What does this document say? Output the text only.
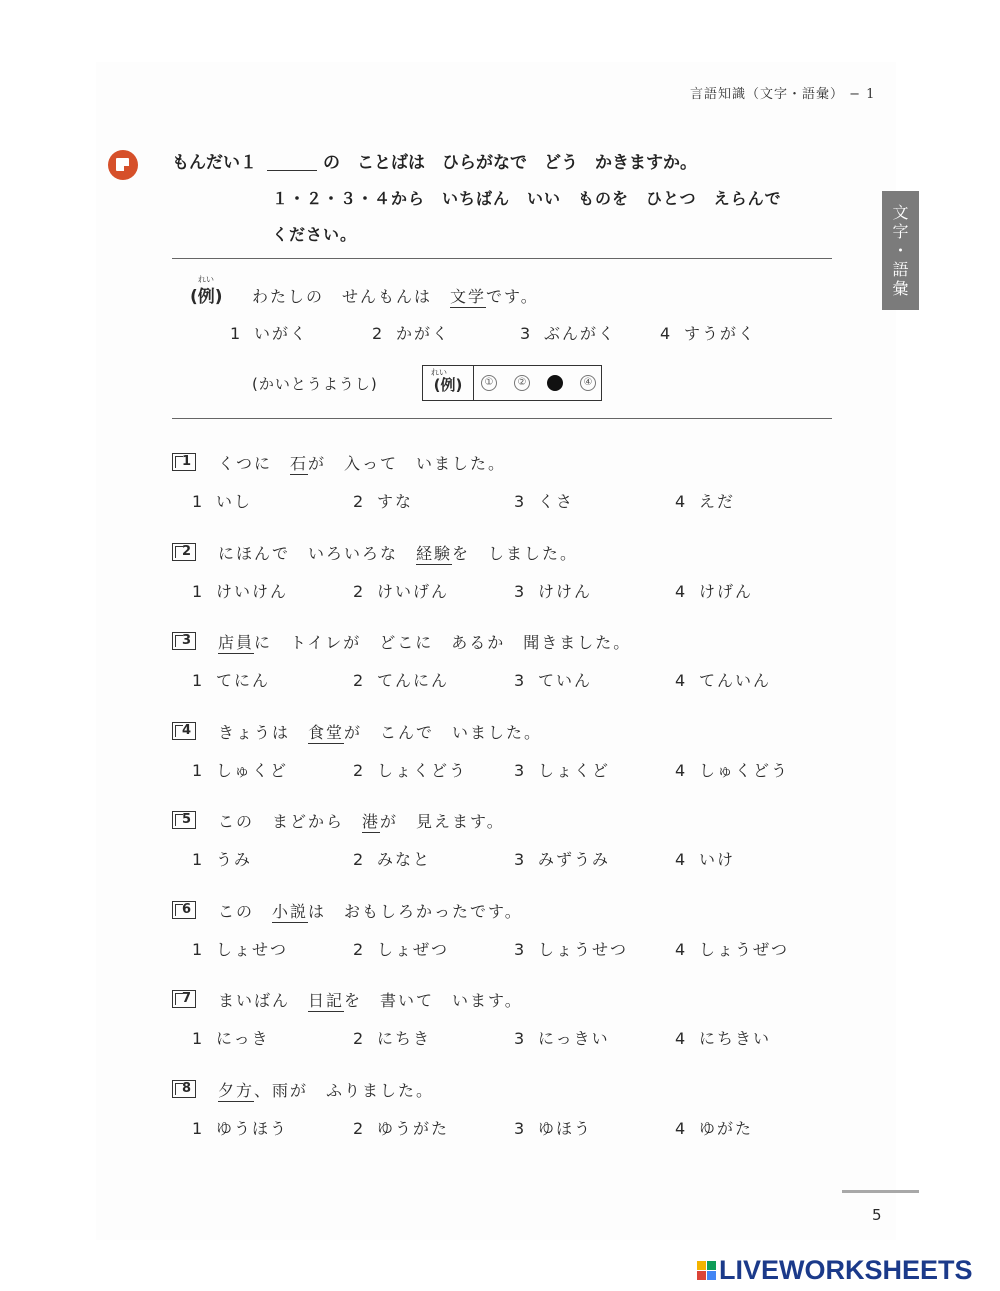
言語知識（文字・語彙） − 1
文
字
・
語
彙
もんだい１	の　ことばは　ひらがなで　どう　かきますか。
１・２・３・４から　いちばん　いい　ものを　ひとつ　えらんで
ください。
れい
(例) わたしの　せんもんは　文学です。
1 いがく	2 かがく	3 ぶんがく	4 すうがく
(かいとうようし)
れい
(例)	①	②	④
1	くつに　石が　入って　いました。
1 いし	2 すな	3 くさ	4 えだ
2	にほんで　いろいろな　経験を　しました。
1 けいけん	2 けいげん	3 けけん	4 けげん
3	店員に　トイレが　どこに　あるか　聞きました。
1 てにん	2 てんにん	3 ていん	4 てんいん
4	きょうは　食堂が　こんで　いました。
1 しゅくど	2 しょくどう	3 しょくど	4 しゅくどう
5	この　まどから　港が　見えます。
1 うみ	2 みなと	3 みずうみ	4 いけ
6	この　小説は　おもしろかったです。
1 しょせつ	2 しょぜつ	3 しょうせつ	4 しょうぜつ
7	まいばん　日記を　書いて　います。
1 にっき	2 にちき	3 にっきい	4 にちきい
8	夕方、雨が　ふりました。
1 ゆうほう	2 ゆうがた	3 ゆほう	4 ゆがた
5
LIVEWORKSHEETS
